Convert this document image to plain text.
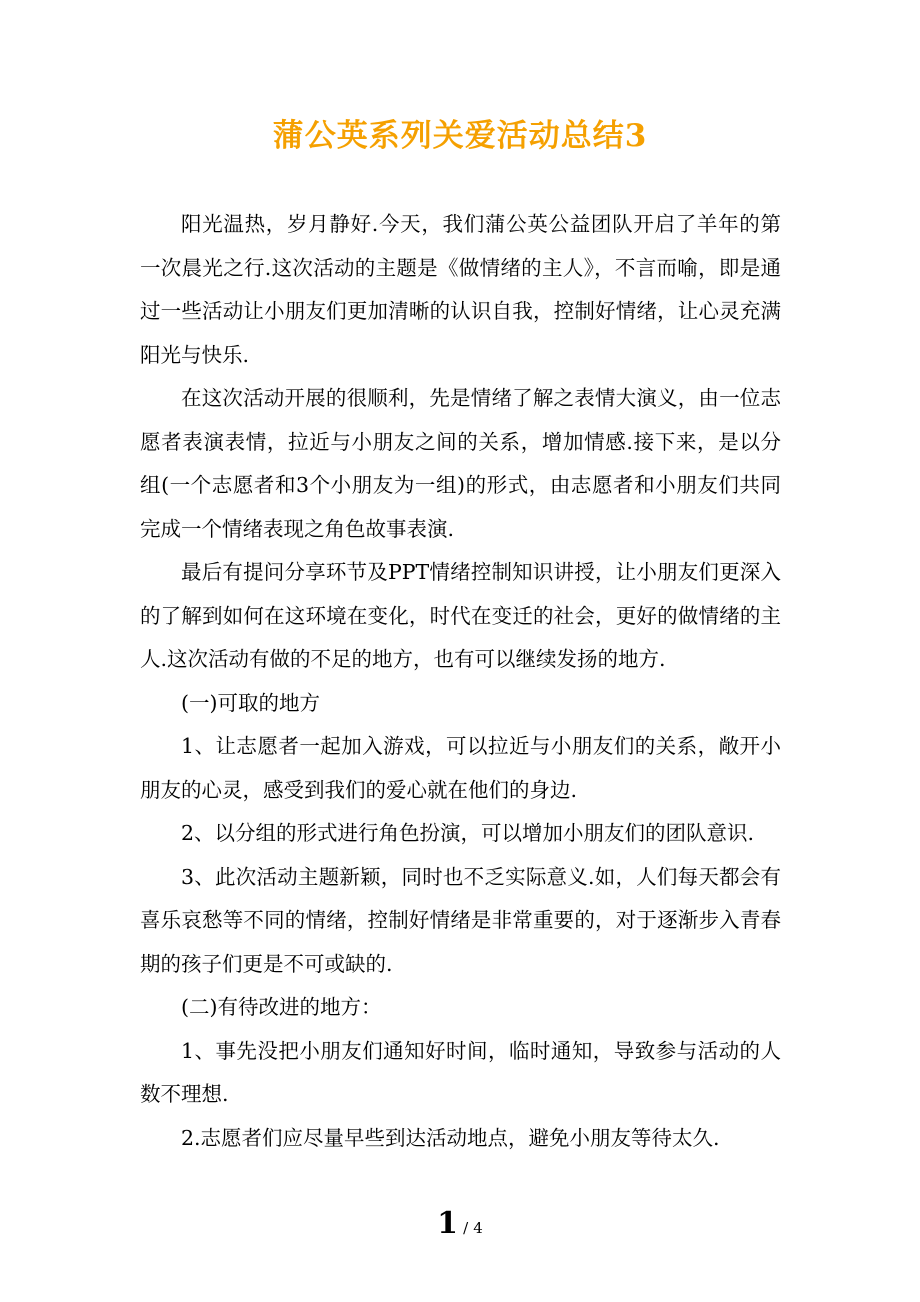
蒲公英系列关爱活动总结3

阳光温热，岁月静好.今天，我们蒲公英公益团队开启了羊年的第一次晨光之行.这次活动的主题是《做情绪的主人》，不言而喻，即是通过一些活动让小朋友们更加清晰的认识自我，控制好情绪，让心灵充满阳光与快乐.

在这次活动开展的很顺利，先是情绪了解之表情大演义，由一位志愿者表演表情，拉近与小朋友之间的关系，增加情感.接下来，是以分组(一个志愿者和3个小朋友为一组)的形式，由志愿者和小朋友们共同完成一个情绪表现之角色故事表演.

最后有提问分享环节及PPT情绪控制知识讲授，让小朋友们更深入的了解到如何在这环境在变化，时代在变迁的社会，更好的做情绪的主人.这次活动有做的不足的地方，也有可以继续发扬的地方.

(一)可取的地方

1、让志愿者一起加入游戏，可以拉近与小朋友们的关系，敞开小朋友的心灵，感受到我们的爱心就在他们的身边.

2、以分组的形式进行角色扮演，可以增加小朋友们的团队意识.

3、此次活动主题新颖，同时也不乏实际意义.如，人们每天都会有喜乐哀愁等不同的情绪，控制好情绪是非常重要的，对于逐渐步入青春期的孩子们更是不可或缺的.

(二)有待改进的地方：

1、事先没把小朋友们通知好时间，临时通知，导致参与活动的人数不理想.

2.志愿者们应尽量早些到达活动地点，避免小朋友等待太久.

1 / 4
